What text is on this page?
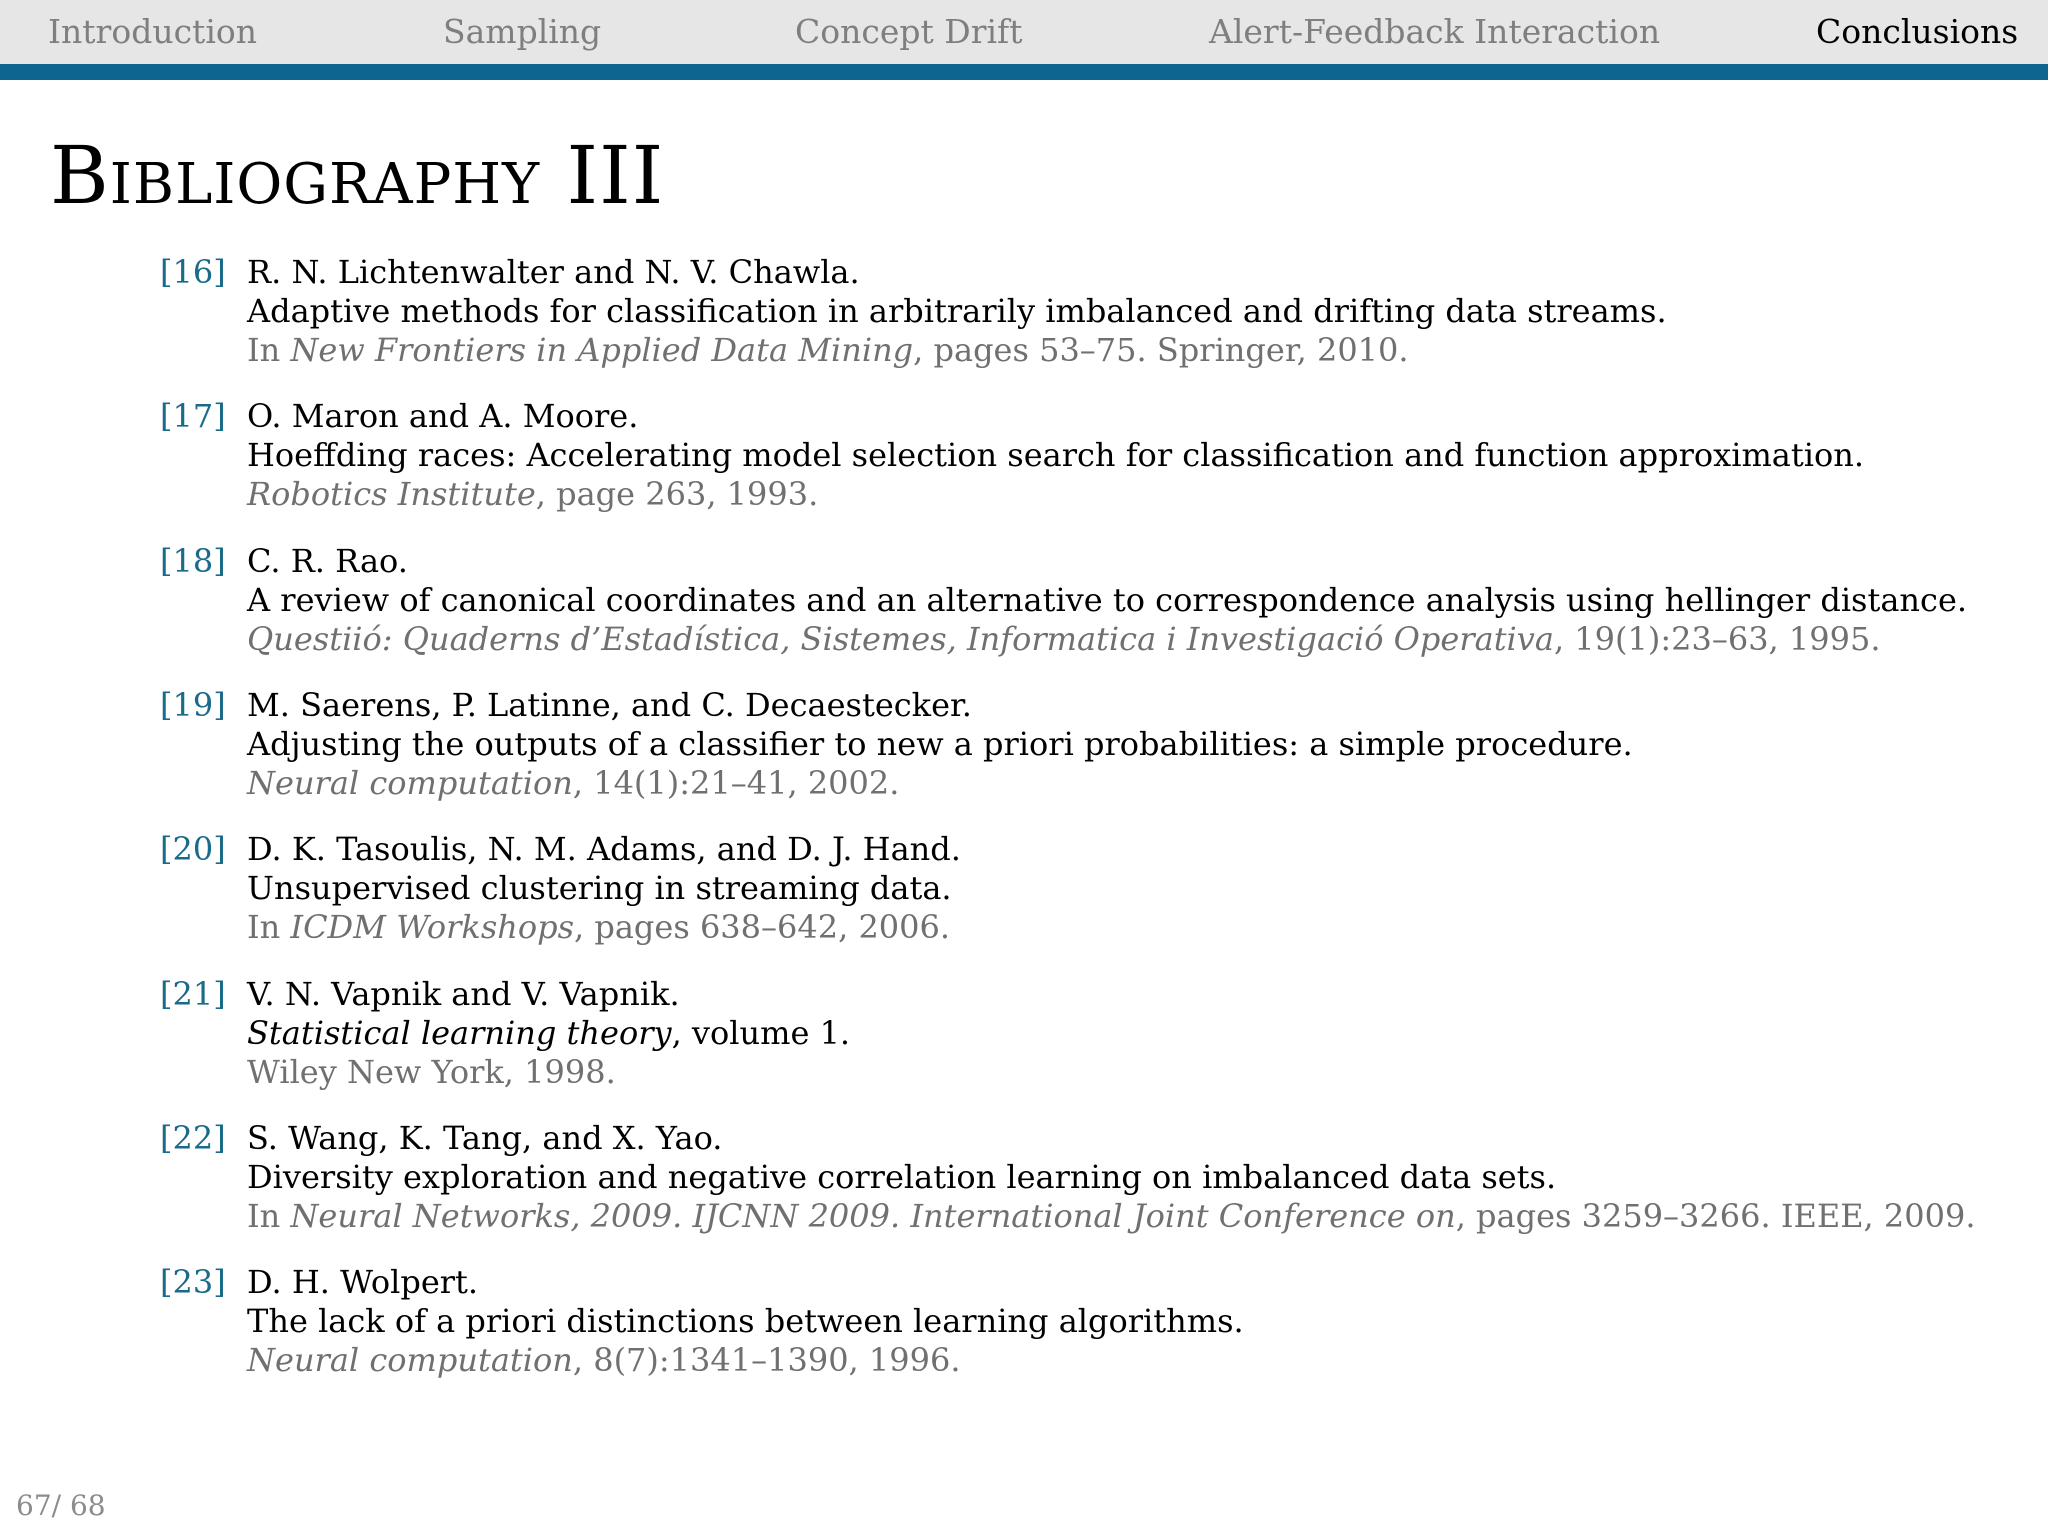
Introduction	Sampling	Concept Drift	Alert-Feedback Interaction	Conclusions
Bibliography III
[16] R. N. Lichtenwalter and N. V. Chawla.
Adaptive methods for classification in arbitrarily imbalanced and drifting data streams.
In New Frontiers in Applied Data Mining, pages 53–75. Springer, 2010.
[17] O. Maron and A. Moore.
Hoeffding races: Accelerating model selection search for classification and function approximation.
Robotics Institute, page 263, 1993.
[18] C. R. Rao.
A review of canonical coordinates and an alternative to correspondence analysis using hellinger distance.
Questiió: Quaderns d’Estadística, Sistemes, Informatica i Investigació Operativa, 19(1):23–63, 1995.
[19] M. Saerens, P. Latinne, and C. Decaestecker.
Adjusting the outputs of a classifier to new a priori probabilities: a simple procedure.
Neural computation, 14(1):21–41, 2002.
[20] D. K. Tasoulis, N. M. Adams, and D. J. Hand.
Unsupervised clustering in streaming data.
In ICDM Workshops, pages 638–642, 2006.
[21] V. N. Vapnik and V. Vapnik.
Statistical learning theory, volume 1.
Wiley New York, 1998.
[22] S. Wang, K. Tang, and X. Yao.
Diversity exploration and negative correlation learning on imbalanced data sets.
In Neural Networks, 2009. IJCNN 2009. International Joint Conference on, pages 3259–3266. IEEE, 2009.
[23] D. H. Wolpert.
The lack of a priori distinctions between learning algorithms.
Neural computation, 8(7):1341–1390, 1996.
67/ 68
